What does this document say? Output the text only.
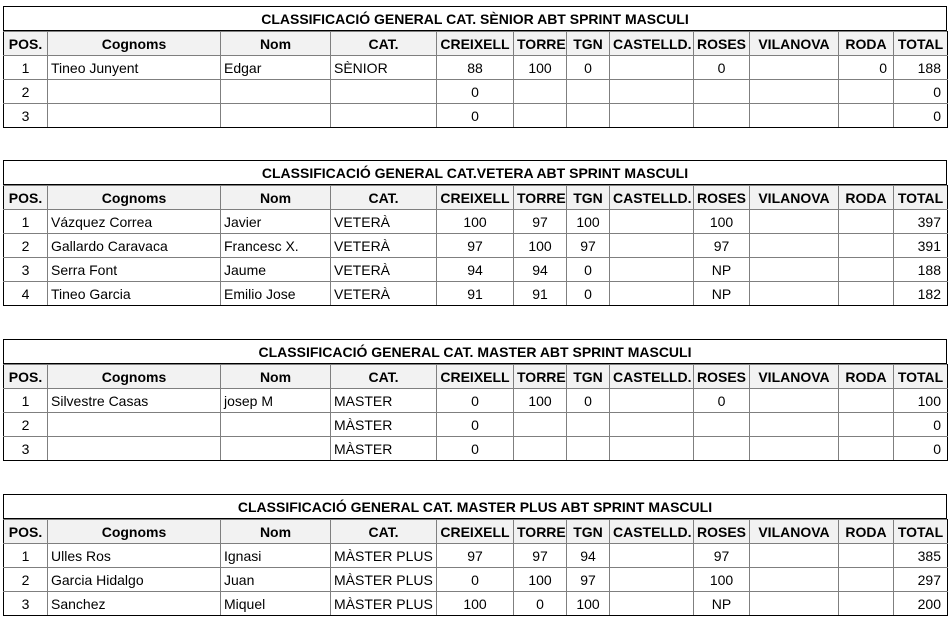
CLASSIFICACIÓ GENERAL CAT. SÈNIOR ABT SPRINT MASCULI
POS.	Cognoms	Nom	CAT.	CREIXELL	TORRE	TGN	CASTELLD.	ROSES	VILANOVA	RODA	TOTAL
1	Tineo Junyent	Edgar	SÈNIOR	88	100	0		0		0	188
2				0							0
3				0							0
CLASSIFICACIÓ GENERAL CAT.VETERA ABT SPRINT MASCULI
POS.	Cognoms	Nom	CAT.	CREIXELL	TORRE	TGN	CASTELLD.	ROSES	VILANOVA	RODA	TOTAL
1	Vázquez Correa	Javier	VETERÀ	100	97	100		100			397
2	Gallardo Caravaca	Francesc X.	VETERÀ	97	100	97		97			391
3	Serra Font	Jaume	VETERÀ	94	94	0		NP			188
4	Tineo Garcia	Emilio Jose	VETERÀ	91	91	0		NP			182
CLASSIFICACIÓ GENERAL CAT. MASTER ABT SPRINT MASCULI
POS.	Cognoms	Nom	CAT.	CREIXELL	TORRE	TGN	CASTELLD.	ROSES	VILANOVA	RODA	TOTAL
1	Silvestre Casas	josep M	MASTER	0	100	0		0			100
2			MÀSTER	0							0
3			MÀSTER	0							0
CLASSIFICACIÓ GENERAL CAT. MASTER PLUS ABT SPRINT MASCULI
POS.	Cognoms	Nom	CAT.	CREIXELL	TORRE	TGN	CASTELLD.	ROSES	VILANOVA	RODA	TOTAL
1	Ulles Ros	Ignasi	MÀSTER PLUS	97	97	94		97			385
2	Garcia Hidalgo	Juan	MÀSTER PLUS	0	100	97		100			297
3	Sanchez	Miquel	MÀSTER PLUS	100	0	100		NP			200
